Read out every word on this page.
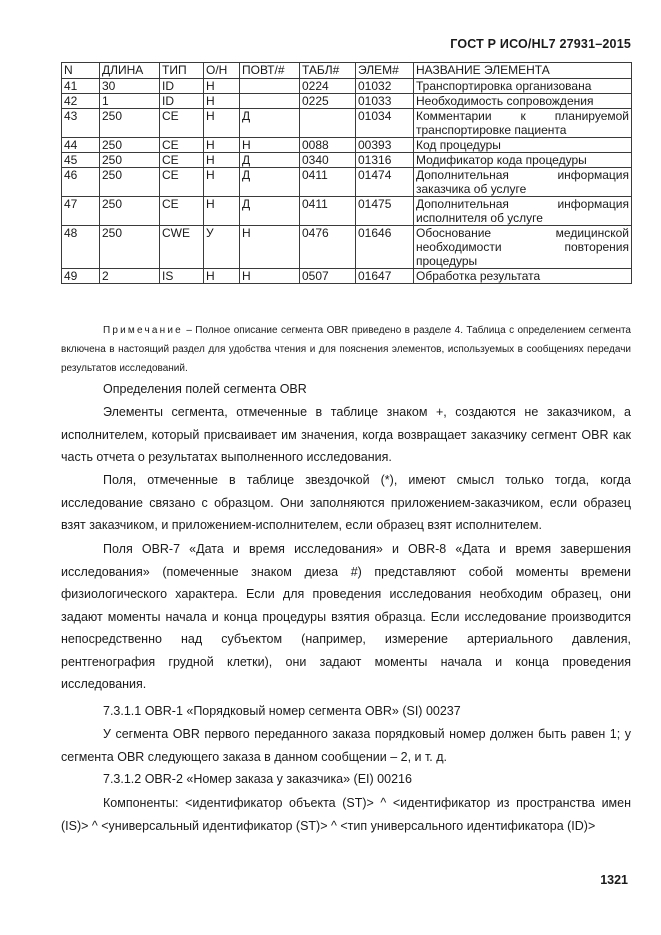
ГОСТ Р ИСО/HL7 27931–2015
N	ДЛИНА	ТИП	О/Н	ПОВТ/#	ТАБЛ#	ЭЛЕМ#	НАЗВАНИЕ ЭЛЕМЕНТА
41	30	ID	Н		0224	01032	Транспортировка организована
42	1	ID	Н		0225	01033	Необходимость сопровождения
43	250	CE	Н	Д		01034	Комментарии к планируемой транспортировке пациента
44	250	CE	Н	Н	0088	00393	Код процедуры
45	250	CE	Н	Д	0340	01316	Модификатор кода процедуры
46	250	CE	Н	Д	0411	01474	Дополнительная информация заказчика об услуге
47	250	CE	Н	Д	0411	01475	Дополнительная информация исполнителя об услуге
48	250	CWE	У	Н	0476	01646	Обоснование медицинской необходимости повторения процедуры
49	2	IS	Н	Н	0507	01647	Обработка результата
Примечание – Полное описание сегмента OBR приведено в разделе 4. Таблица с определением сегмента включена в настоящий раздел для удобства чтения и для пояснения элементов, используемых в сообщениях передачи результатов исследований.

Определения полей сегмента OBR

Элементы сегмента, отмеченные в таблице знаком +, создаются не заказчиком, а исполнителем, который присваивает им значения, когда возвращает заказчику сегмент OBR как часть отчета о результатах выполненного исследования.

Поля, отмеченные в таблице звездочкой (*), имеют смысл только тогда, когда исследование связано с образцом. Они заполняются приложением-заказчиком, если образец взят заказчиком, и приложением-исполнителем, если образец взят исполнителем.

Поля OBR-7 «Дата и время исследования» и OBR-8 «Дата и время завершения исследования» (помеченные знаком диеза #) представляют собой моменты времени физиологического характера. Если для проведения исследования необходим образец, они задают моменты начала и конца процедуры взятия образца. Если исследование производится непосредственно над субъектом (например, измерение артериального давления, рентгенография грудной клетки), они задают моменты начала и конца проведения исследования.

7.3.1.1 OBR-1 «Порядковый номер сегмента OBR» (SI) 00237

У сегмента OBR первого переданного заказа порядковый номер должен быть равен 1; у сегмента OBR следующего заказа в данном сообщении – 2, и т. д.

7.3.1.2 OBR-2 «Номер заказа у заказчика» (EI) 00216

Компоненты: <идентификатор объекта (ST)> ^ <идентификатор из пространства имен (IS)> ^ <универсальный идентификатор (ST)> ^ <тип универсального идентификатора (ID)>

1321
